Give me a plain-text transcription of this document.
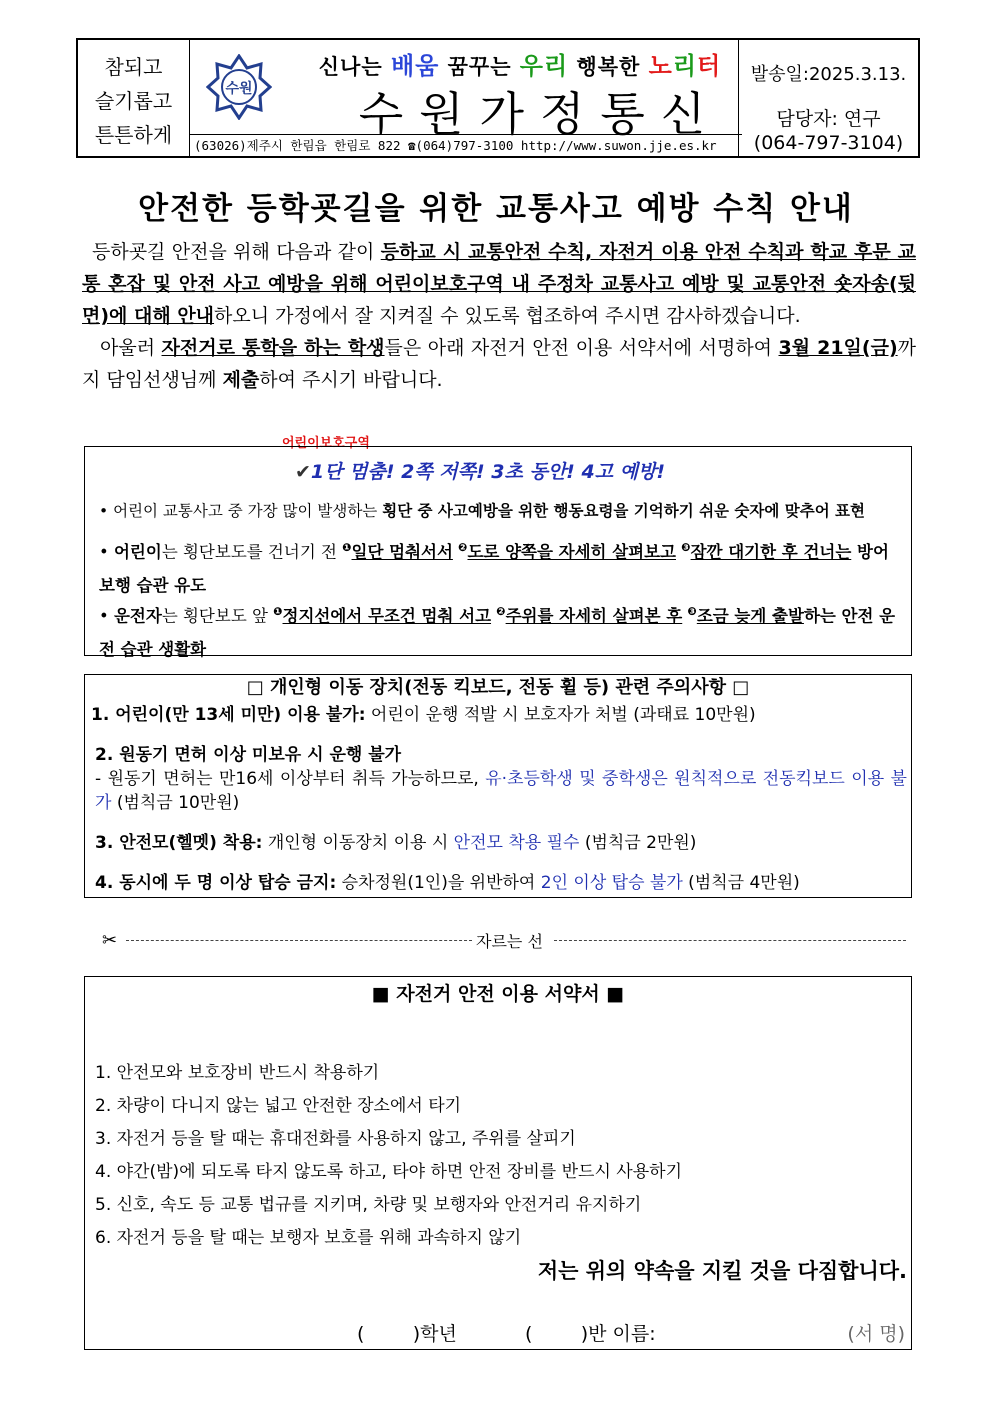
참되고
슬기롭고
튼튼하게
수원
신나는 배움 꿈꾸는 우리 행복한 노리터
수원가정통신
(63026)제주시 한림읍 한림로 822 ☎(064)797-3100 http://www.suwon.jje.es.kr
발송일:2025.3.13.
담당자: 연구
(064-797-3104)
안전한 등학굣길을 위한 교통사고 예방 수칙 안내
등하굣길 안전을 위해 다음과 같이 등하교 시 교통안전 수칙, 자전거 이용 안전 수칙과 학교 후문 교통 혼잡 및 안전 사고 예방을 위해 어린이보호구역 내 주정차 교통사고 예방 및 교통안전 숏자송(뒷면)에 대해 안내하오니 가정에서 잘 지켜질 수 있도록 협조하여 주시면 감사하겠습니다.
아울러 자전거로 통학을 하는 학생들은 아래 자전거 안전 이용 서약서에 서명하여 3월 21일(금)까지 담임선생님께 제출하여 주시기 바랍니다.
어린이보호구역
✔1단 멈춤! 2쪽 저쪽! 3초 동안! 4고 예방!
• 어린이 교통사고 중 가장 많이 발생하는 횡단 중 사고예방을 위한 행동요령을 기억하기 쉬운 숫자에 맞추어 표현
• 어린이는 횡단보도를 건너기 전 $^❶$일단 멈춰서서 $^❷$도로 양쪽을 자세히 살펴보고 $^❸$잠깐 대기한 후 건너는 방어 보행 습관 유도
• 운전자는 횡단보도 앞 $^❶$정지선에서 무조건 멈춰 서고 $^❷$주위를 자세히 살펴본 후 $^❸$조금 늦게 출발하는 안전 운전 습관 생활화
□ 개인형 이동 장치(전동 킥보드, 전동 휠 등) 관련 주의사항 □
1. 어린이(만 13세 미만) 이용 불가: 어린이 운행 적발 시 보호자가 처벌 (과태료 10만원)
2. 원동기 면허 이상 미보유 시 운행 불가
- 원동기 면허는 만16세 이상부터 취득 가능하므로, 유·초등학생 및 중학생은 원칙적으로 전동킥보드 이용 불가 (범칙금 10만원)
3. 안전모(헬멧) 착용: 개인형 이동장치 이용 시 안전모 착용 필수 (범칙금 2만원)
4. 동시에 두 명 이상 탑승 금지: 승차정원(1인)을 위반하여 2인 이상 탑승 불가 (범칙금 4만원)
✂	자르는 선
■ 자전거 안전 이용 서약서 ■
1. 안전모와 보호장비 반드시 착용하기
2. 차량이 다니지 않는 넓고 안전한 장소에서 타기
3. 자전거 등을 탈 때는 휴대전화를 사용하지 않고, 주위를 살피기
4. 야간(밤)에 되도록 타지 않도록 하고, 타야 하면 안전 장비를 반드시 사용하기
5. 신호, 속도 등 교통 법규를 지키며, 차량 및 보행자와 안전거리 유지하기
6. 자전거 등을 탈 때는 보행자 보호를 위해 과속하지 않기
저는 위의 약속을 지킬 것을 다짐합니다.
(        )학년	(        )반 이름:	(서 명)
